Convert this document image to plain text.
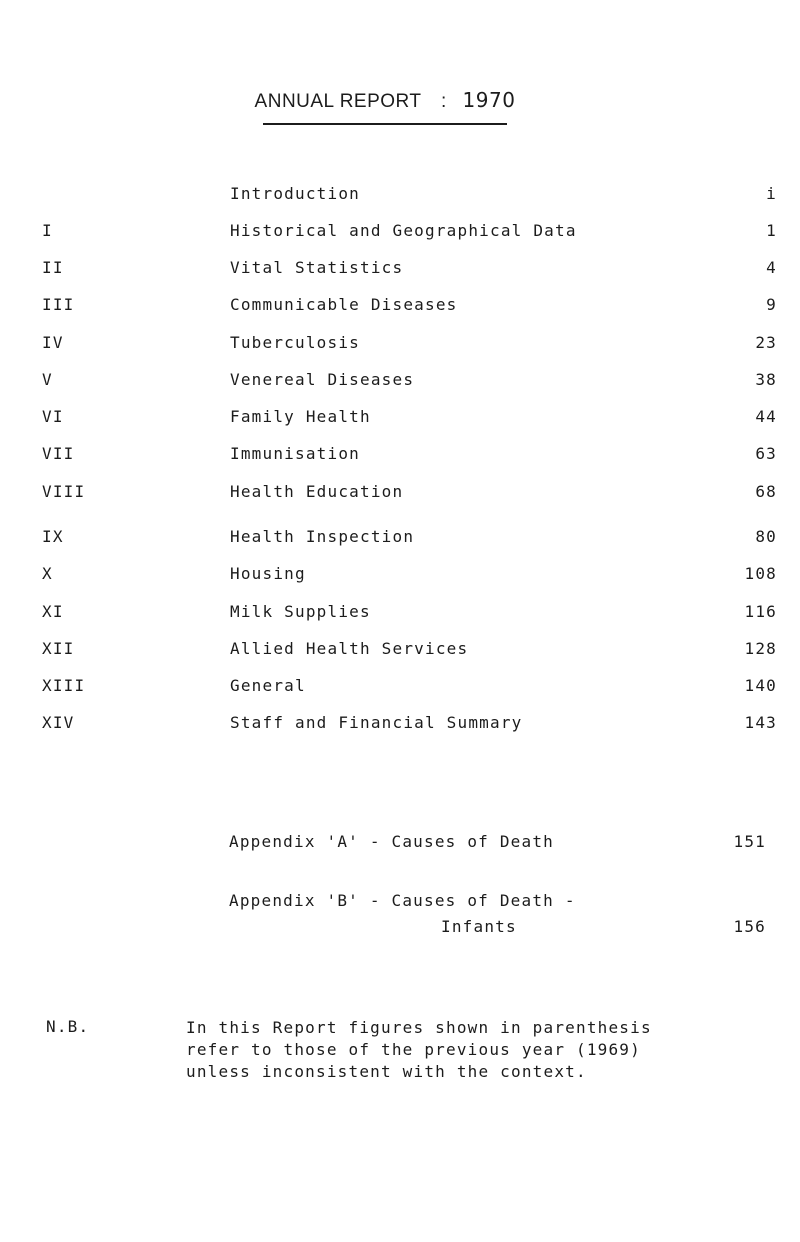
ANNUAL REPORT : 1970
Introduction	i
I	Historical and Geographical Data	1
II	Vital Statistics	4
III	Communicable Diseases	9
IV	Tuberculosis	23
V	Venereal Diseases	38
VI	Family Health	44
VII	Immunisation	63
VIII	Health Education	68
IX	Health Inspection	80
X	Housing	108
XI	Milk Supplies	116
XII	Allied Health Services	128
XIII	General	140
XIV	Staff and Financial Summary	143
Appendix 'A' - Causes of Death	151
Appendix 'B' - Causes of Death -
Infants	156
N.B.	In this Report figures shown in parenthesis
refer to those of the previous year (1969)
unless inconsistent with the context.
